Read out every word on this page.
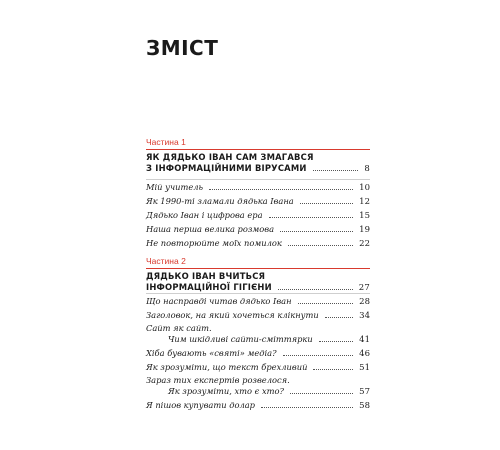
ЗМІСТ
Частина 1
ЯК ДЯДЬКО ІВАН САМ ЗМАГАВСЯ
З ІНФОРМАЦІЙНИМИ ВІРУСАМИ	8
Мій учитель	10
Як 1990-ті зламали дядька Івана	12
Дядько Іван і цифрова ера	15
Наша перша велика розмова	19
Не повторюйте моїх помилок	22
Частина 2
ДЯДЬКО ІВАН ВЧИТЬСЯ
ІНФОРМАЦІЙНОЇ ГІГІЄНИ	27
Що насправді читав дядько Іван	28
Заголовок, на який хочеться клікнути	34
Сайт як сайт.
Чим шкідливі сайти-сміттярки	41
Хіба бувають «святі» медіа?	46
Як зрозуміти, що текст брехливий	51
Зараз тих експертів розвелося.
Як зрозуміти, хто є хто?	57
Я пішов купувати долар	58
